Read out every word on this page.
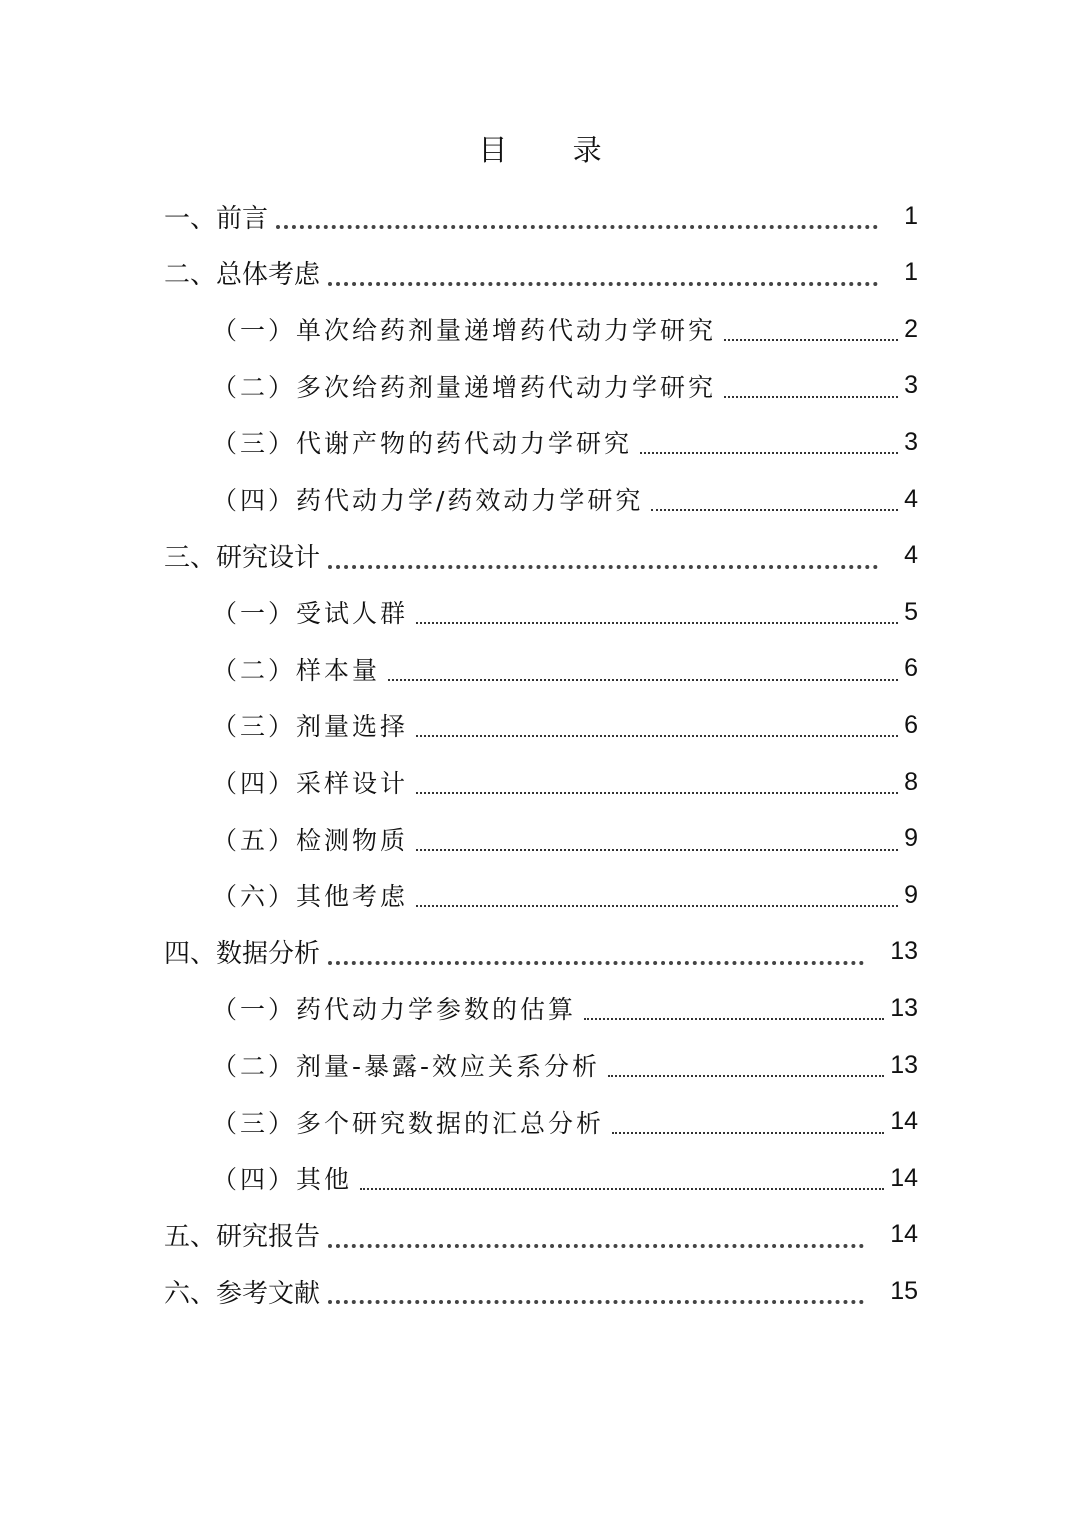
目 录
一、前言	1
二、总体考虑	1
（一）单次给药剂量递增药代动力学研究	2
（二）多次给药剂量递增药代动力学研究	3
（三）代谢产物的药代动力学研究	3
（四）药代动力学/药效动力学研究	4
三、研究设计	4
（一）受试人群	5
（二）样本量	6
（三）剂量选择	6
（四）采样设计	8
（五）检测物质	9
（六）其他考虑	9
四、数据分析	13
（一）药代动力学参数的估算	13
（二）剂量-暴露-效应关系分析	13
（三）多个研究数据的汇总分析	14
（四）其他	14
五、研究报告	14
六、参考文献	15
